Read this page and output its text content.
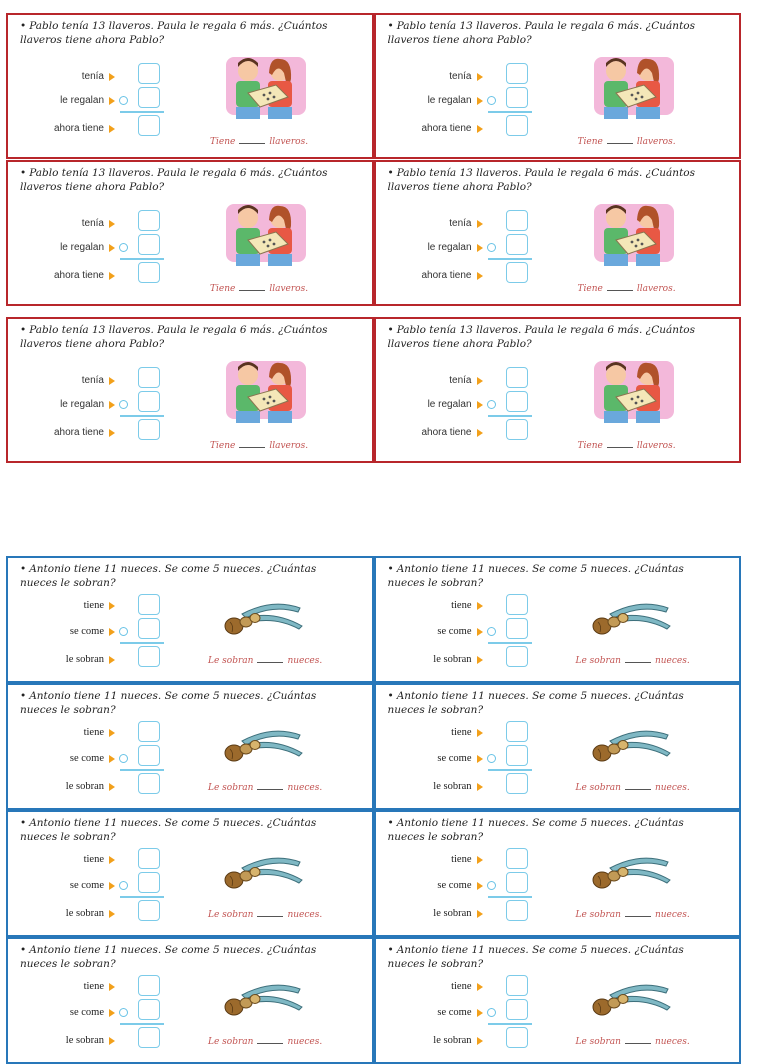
• Pablo tenía 13 llaveros. Paula le regala 6 más. ¿Cuántos llaveros tiene ahora Pablo?
tenía
le regalan
ahora tiene
Tiene	llaveros.
• Pablo tenía 13 llaveros. Paula le regala 6 más. ¿Cuántos llaveros tiene ahora Pablo?
tenía
le regalan
ahora tiene
Tiene	llaveros.
• Pablo tenía 13 llaveros. Paula le regala 6 más. ¿Cuántos llaveros tiene ahora Pablo?
tenía
le regalan
ahora tiene
Tiene	llaveros.
• Pablo tenía 13 llaveros. Paula le regala 6 más. ¿Cuántos llaveros tiene ahora Pablo?
tenía
le regalan
ahora tiene
Tiene	llaveros.
• Pablo tenía 13 llaveros. Paula le regala 6 más. ¿Cuántos llaveros tiene ahora Pablo?
tenía
le regalan
ahora tiene
Tiene	llaveros.
• Pablo tenía 13 llaveros. Paula le regala 6 más. ¿Cuántos llaveros tiene ahora Pablo?
tenía
le regalan
ahora tiene
Tiene	llaveros.
• Antonio tiene 11 nueces. Se come 5 nueces. ¿Cuántas nueces le sobran?
tiene
se come
le sobran	Le sobran	nueces.
• Antonio tiene 11 nueces. Se come 5 nueces. ¿Cuántas nueces le sobran?
tiene
se come
le sobran	Le sobran	nueces.
• Antonio tiene 11 nueces. Se come 5 nueces. ¿Cuántas nueces le sobran?
tiene
se come
le sobran	Le sobran	nueces.
• Antonio tiene 11 nueces. Se come 5 nueces. ¿Cuántas nueces le sobran?
tiene
se come
le sobran	Le sobran	nueces.
• Antonio tiene 11 nueces. Se come 5 nueces. ¿Cuántas nueces le sobran?
tiene
se come
le sobran	Le sobran	nueces.
• Antonio tiene 11 nueces. Se come 5 nueces. ¿Cuántas nueces le sobran?
tiene
se come
le sobran	Le sobran	nueces.
• Antonio tiene 11 nueces. Se come 5 nueces. ¿Cuántas nueces le sobran?
tiene
se come
le sobran	Le sobran	nueces.
• Antonio tiene 11 nueces. Se come 5 nueces. ¿Cuántas nueces le sobran?
tiene
se come
le sobran	Le sobran	nueces.
